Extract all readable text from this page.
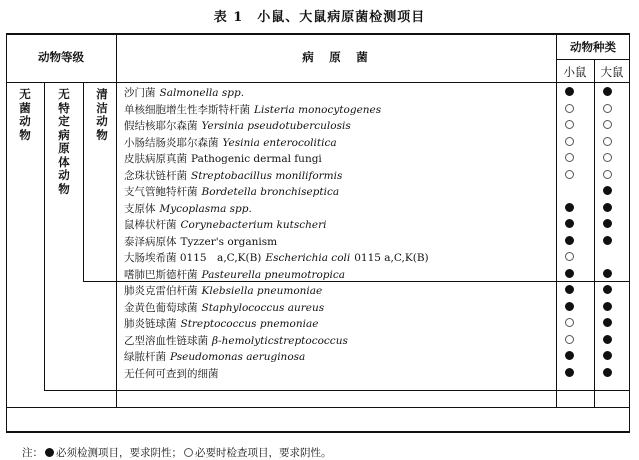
表 1　小鼠、大鼠病原菌检测项目
动物等级	病　原　菌
动物种类
小鼠	大鼠
无菌动物
无特定病原体动物
清洁动物
沙门菌 Salmonella spp.
单核细胞增生性李斯特杆菌 Listeria monocytogenes
假结核耶尔森菌 Yersinia pseudotuberculosis
小肠结肠炎耶尔森菌 Yesinia enterocolitica
皮肤病原真菌 Pathogenic dermal fungi
念珠状链杆菌 Streptobacillus moniliformis
支气管鲍特杆菌 Bordetella bronchiseptica
支原体 Mycoplasma spp.
鼠棒状杆菌 Corynebacterium kutscheri
泰泽病原体 Tyzzer's organism
大肠埃希菌 0115　a,C,K(B) Escherichia coli 0115 a,C,K(B)
嗜肺巴斯德杆菌 Pasteurella pneumotropica
肺炎克雷伯杆菌 Klebsiella pneumoniae
金黄色葡萄球菌 Staphylococcus aureus
肺炎链球菌 Streptococcus pnemoniae
乙型溶血性链球菌 β-hemolyticstreptococcus
绿脓杆菌 Pseudomonas aeruginosa
无任何可查到的细菌
注： 必须检测项目，要求阴性； 必要时检查项目，要求阴性。
